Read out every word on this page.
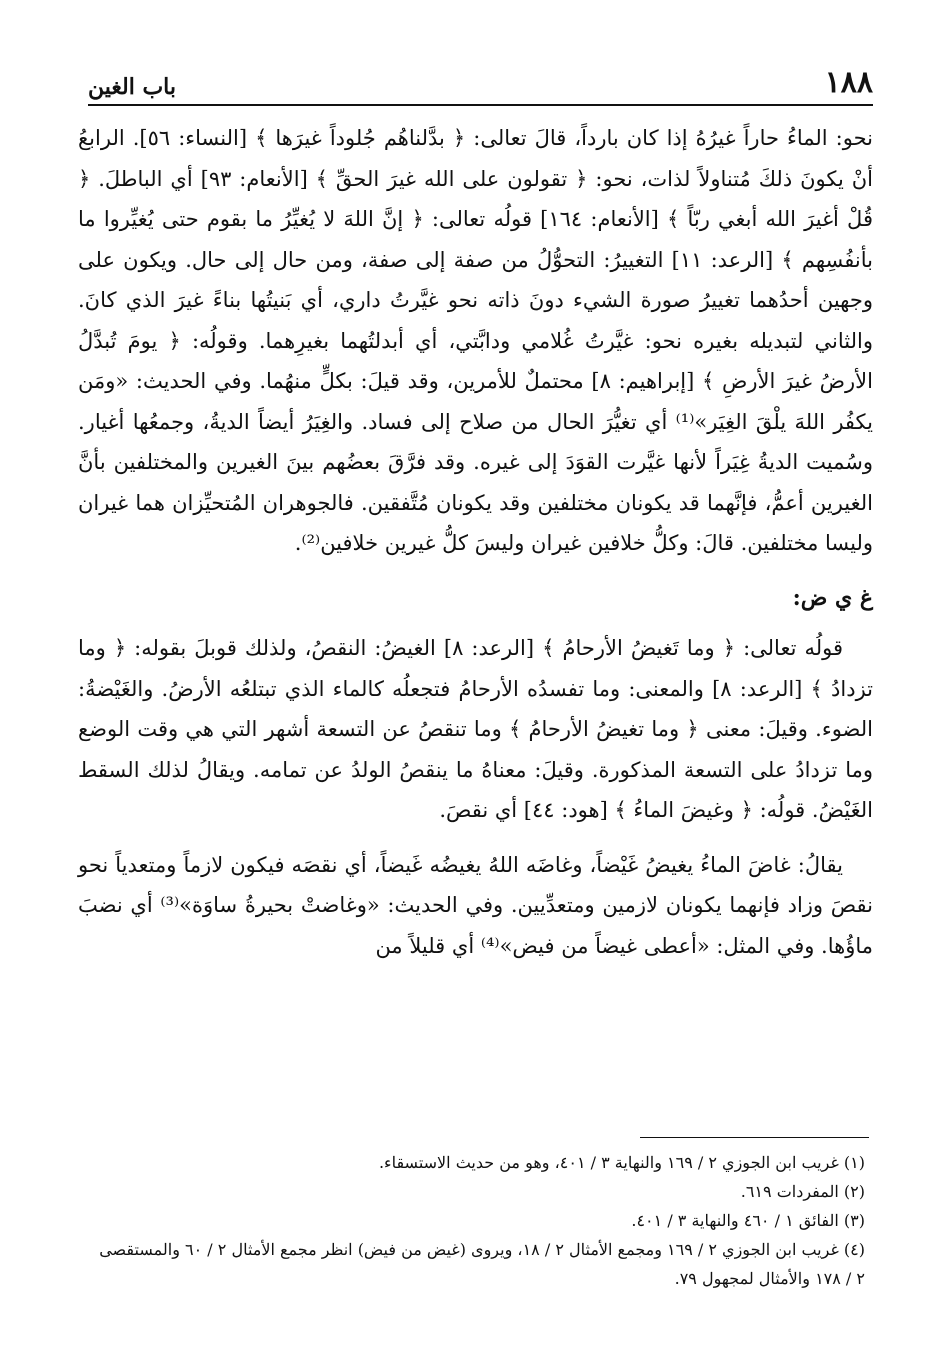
١٨٨
باب الغين

نحو: الماءُ حاراً غيرُهُ إذا كان بارداً، قالَ تعالى: ﴿ بدَّلناهُم جُلوداً غيرَها ﴾ [النساء: ٥٦]. الرابعُ أنْ يكونَ ذلكَ مُتناولاً لذات، نحو: ﴿ تقولون على الله غيرَ الحقِّ ﴾ [الأنعام: ٩٣] أي الباطلَ. ﴿ قُلْ أغيرَ الله أبغي ربّاً ﴾ [الأنعام: ١٦٤] قولُه تعالى: ﴿ إنَّ اللهَ لا يُغيِّرُ ما بقوم حتى يُغيِّروا ما بأنفُسِهم ﴾ [الرعد: ١١] التغييرُ: التحوُّلُ من صفة إلى صفة، ومن حال إلى حال. ويكون على وجهين أحدُهما تغييرُ صورة الشيء دونَ ذاته نحو غيَّرتُ داري، أي بَنيتُها بناءً غيرَ الذي كانَ. والثاني لتبديله بغيره نحو: غيَّرتُ غُلامي ودابَّتي، أي أبدلتُهما بغيرِهما. وقولُه: ﴿ يومَ تُبدَّلُ الأرضُ غيرَ الأرضِ ﴾ [إبراهيم: ٨] محتملٌ للأمرين، وقد قيلَ: بكلٍّ منهُما. وفي الحديث: «ومَن يكفُر اللهَ يلْقَ الغِيَر»⁽¹⁾ أي تغيُّرَ الحال من صلاح إلى فساد. والغِيَرُ أيضاً الديةُ، وجمعُها أغيار. وسُميت الديةُ غِيَراً لأنها غيَّرت القوَدَ إلى غيره. وقد فرَّقَ بعضُهم بينَ الغيرين والمختلفين بأنَّ الغيرين أعمُّ، فإنَّهما قد يكونان مختلفين وقد يكونان مُتَّفقين. فالجوهران المُتحيِّزان هما غيران وليسا مختلفين. قالَ: وكلُّ خلافين غيران وليسَ كلُّ غيرين خلافين⁽²⁾.

غ ي ض:

قولُه تعالى: ﴿ وما تَغيضُ الأرحامُ ﴾ [الرعد: ٨] الغيضُ: النقصُ، ولذلك قوبلَ بقوله: ﴿ وما تزدادُ ﴾ [الرعد: ٨] والمعنى: وما تفسدُه الأرحامُ فتجعلُه كالماء الذي تبتلعُه الأرضُ. والغَيْضةُ: الضوء. وقيلَ: معنى ﴿ وما تغيضُ الأرحامُ ﴾ وما تنقصُ عن التسعة أشهر التي هي وقت الوضع وما تزدادُ على التسعة المذكورة. وقيلَ: معناهُ ما ينقصُ الولدُ عن تمامه. ويقالُ لذلك السقط الغَيْضُ. قولُه: ﴿ وغيضَ الماءُ ﴾ [هود: ٤٤] أي نقصَ.

يقالُ: غاضَ الماءُ يغيضُ غَيْضاً، وغاضَه اللهُ يغيضُه غَيضاً، أي نقصَه فيكون لازماً ومتعدياً نحو نقصَ وزاد فإنهما يكونان لازمين ومتعدِّيين. وفي الحديث: «وغاضتْ بحيرةُ ساوَة»⁽³⁾ أي نضبَ ماؤُها. وفي المثل: «أعطى غيضاً من فيض»⁽⁴⁾ أي قليلاً من

(١) غريب ابن الجوزي ٢ / ١٦٩ والنهاية ٣ / ٤٠١، وهو من حديث الاستسقاء.

(٢) المفردات ٦١٩.

(٣) الفائق ١ / ٤٦٠ والنهاية ٣ / ٤٠١.

(٤) غريب ابن الجوزي ٢ / ١٦٩ ومجمع الأمثال ٢ / ١٨، ويروى (غيض من فيض) انظر مجمع الأمثال ٢ / ٦٠ والمستقصى ٢ / ١٧٨ والأمثال لمجهول ٧٩.
